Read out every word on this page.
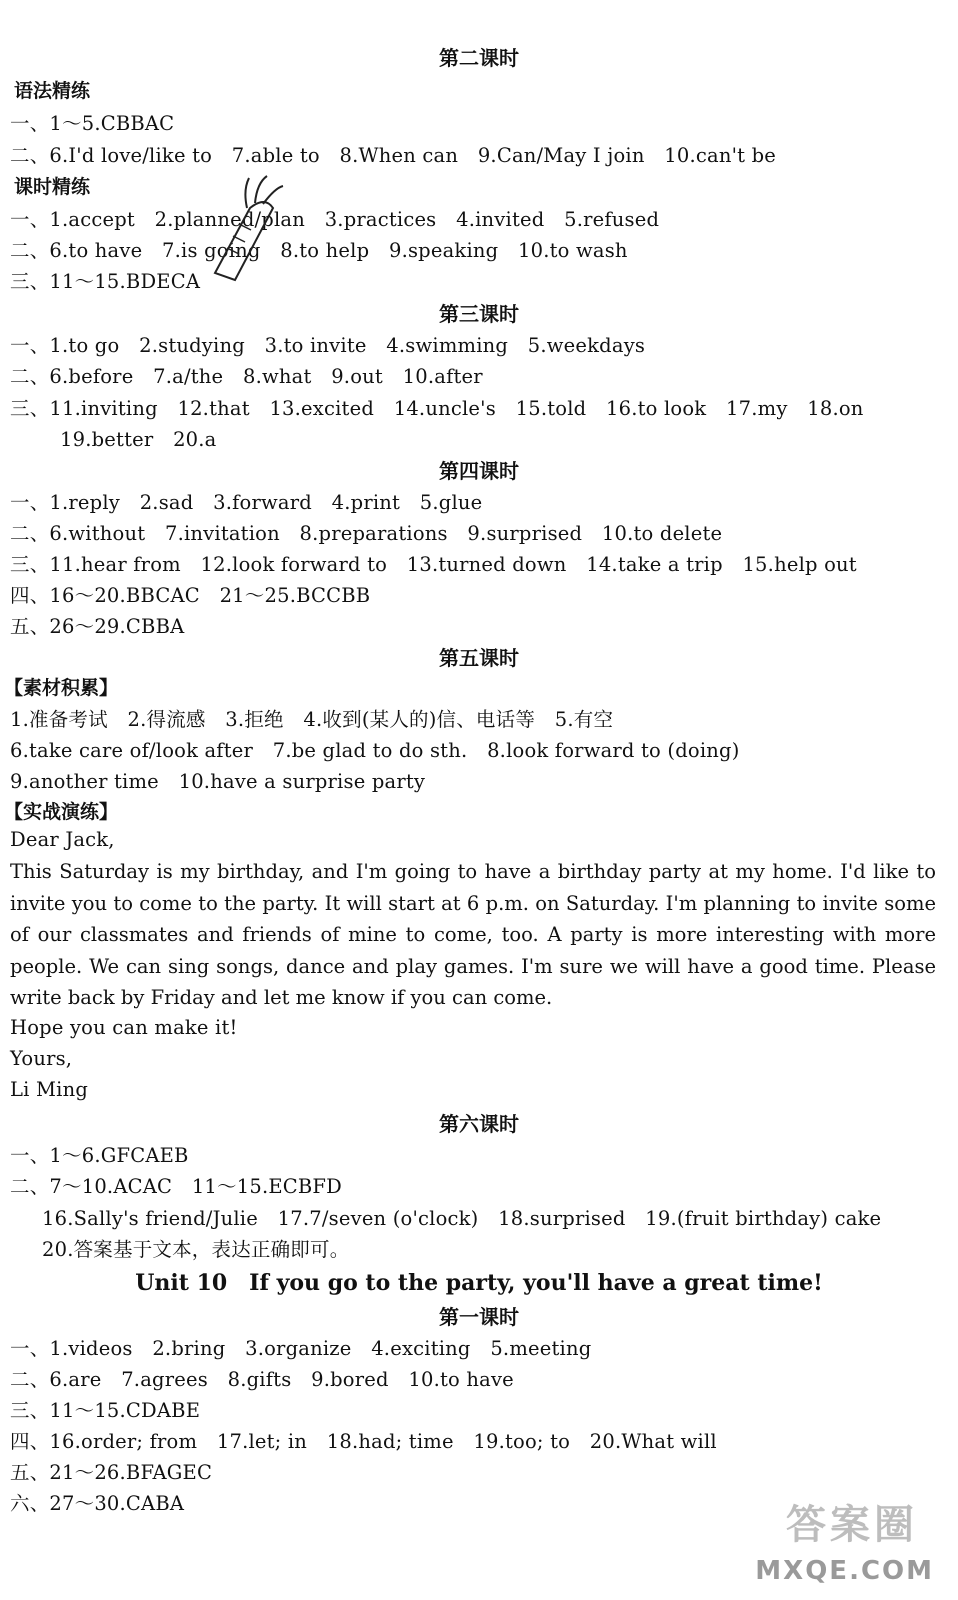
第二课时
语法精练
一、1～5.CBBAC
二、6.I'd love/like to　7.able to　8.When can　9.Can/May I join　10.can't be
课时精练
一、1.accept　2.planned/plan　3.practices　4.invited　5.refused
二、6.to have　7.is going　8.to help　9.speaking　10.to wash
三、11～15.BDECA
第三课时
一、1.to go　2.studying　3.to invite　4.swimming　5.weekdays
二、6.before　7.a/the　8.what　9.out　10.after
三、11.inviting　12.that　13.excited　14.uncle's　15.told　16.to look　17.my　18.on
19.better　20.a
第四课时
一、1.reply　2.sad　3.forward　4.print　5.glue
二、6.without　7.invitation　8.preparations　9.surprised　10.to delete
三、11.hear from　12.look forward to　13.turned down　14.take a trip　15.help out
四、16～20.BBCAC　21～25.BCCBB
五、26～29.CBBA
第五课时
【素材积累】
1.准备考试　2.得流感　3.拒绝　4.收到(某人的)信、电话等　5.有空
6.take care of/look after　7.be glad to do sth.　8.look forward to (doing)
9.another time　10.have a surprise party
【实战演练】
Dear Jack,
This Saturday is my birthday, and I'm going to have a birthday party at my home. I'd like to invite you to come to the party. It will start at 6 p.m. on Saturday. I'm planning to invite some of our classmates and friends of mine to come, too. A party is more interesting with more people. We can sing songs, dance and play games. I'm sure we will have a good time. Please write back by Friday and let me know if you can come.
Hope you can make it!
Yours,
Li Ming
第六课时
一、1～6.GFCAEB
二、7～10.ACAC　11～15.ECBFD
16.Sally's friend/Julie　17.7/seven (o'clock)　18.surprised　19.(fruit birthday) cake
20.答案基于文本，表达正确即可。
Unit 10　If you go to the party, you'll have a great time!
第一课时
一、1.videos　2.bring　3.organize　4.exciting　5.meeting
二、6.are　7.agrees　8.gifts　9.bored　10.to have
三、11～15.CDABE
四、16.order; from　17.let; in　18.had; time　19.too; to　20.What will
五、21～26.BFAGEC
六、27～30.CABA	答案圈
MXQE.COM
